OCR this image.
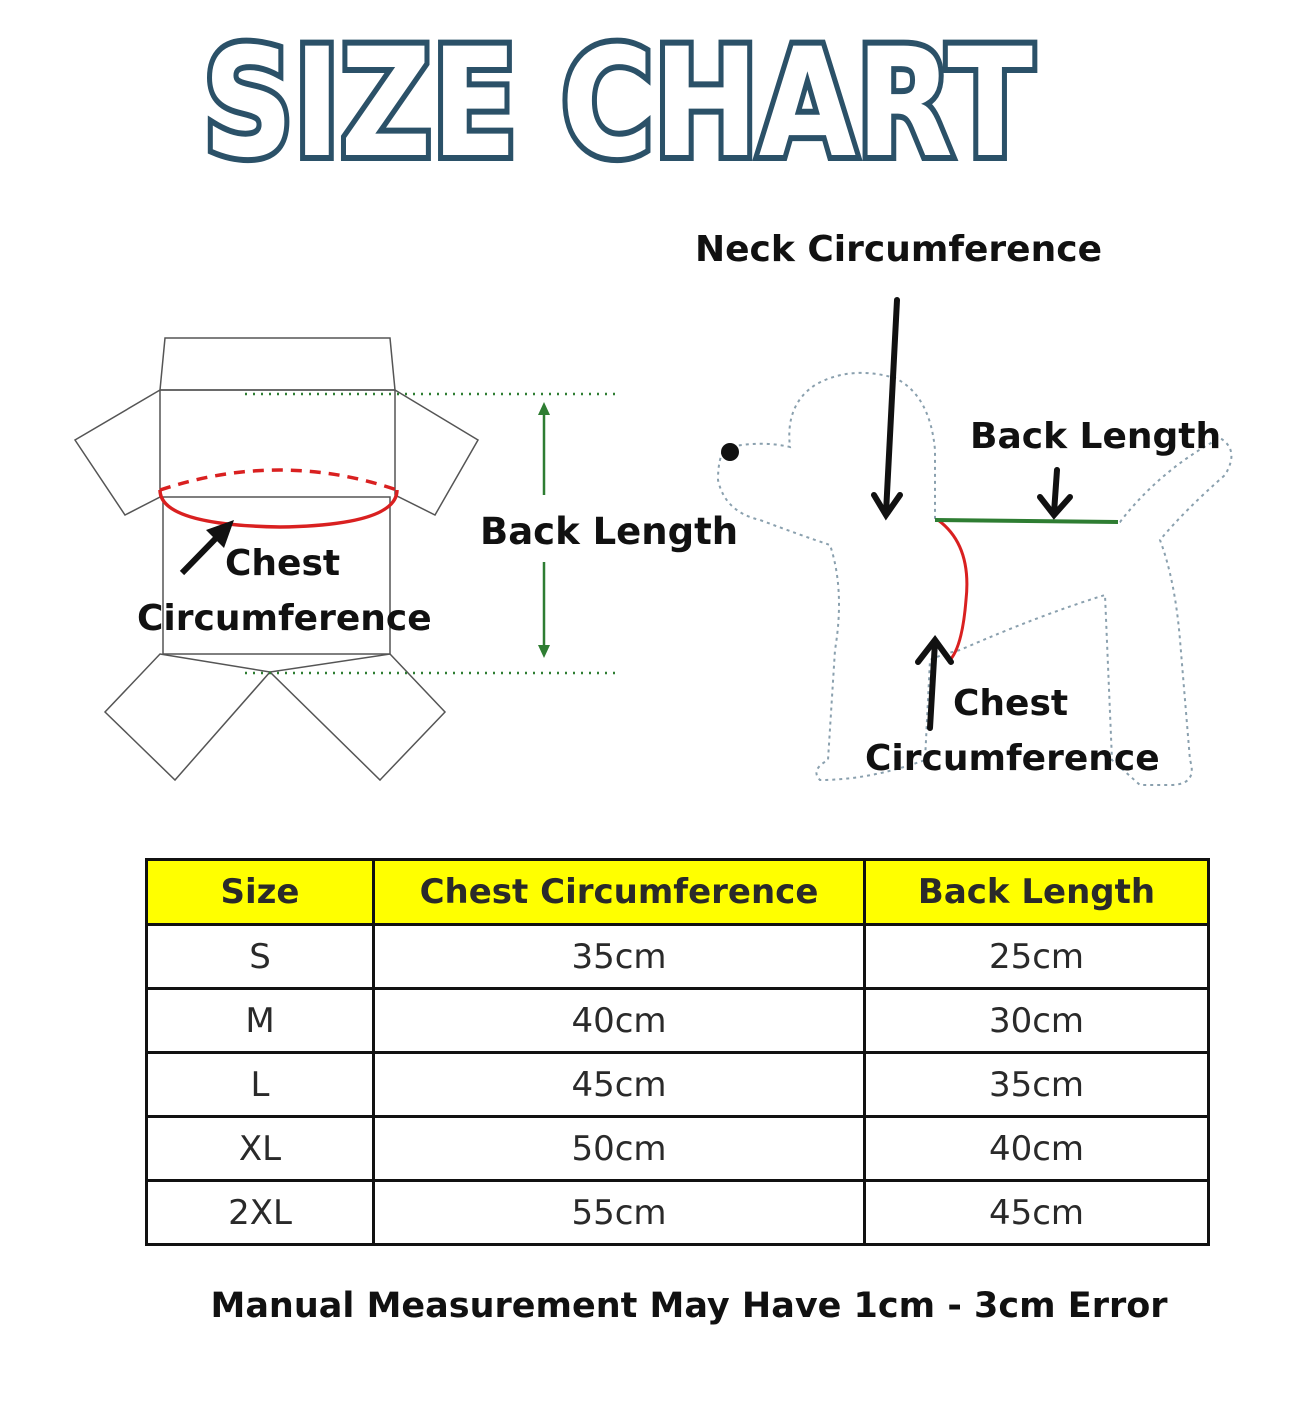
SIZE CHART
Size	Chest Circumference	Back Length
S	35cm	25cm
M	40cm	30cm
L	45cm	35cm
XL	50cm	40cm
2XL	55cm	45cm
Manual Measurement May Have 1cm - 3cm Error
Back Length
Chest
Circumference
Neck Circumference
Back Length
Chest
Circumference
